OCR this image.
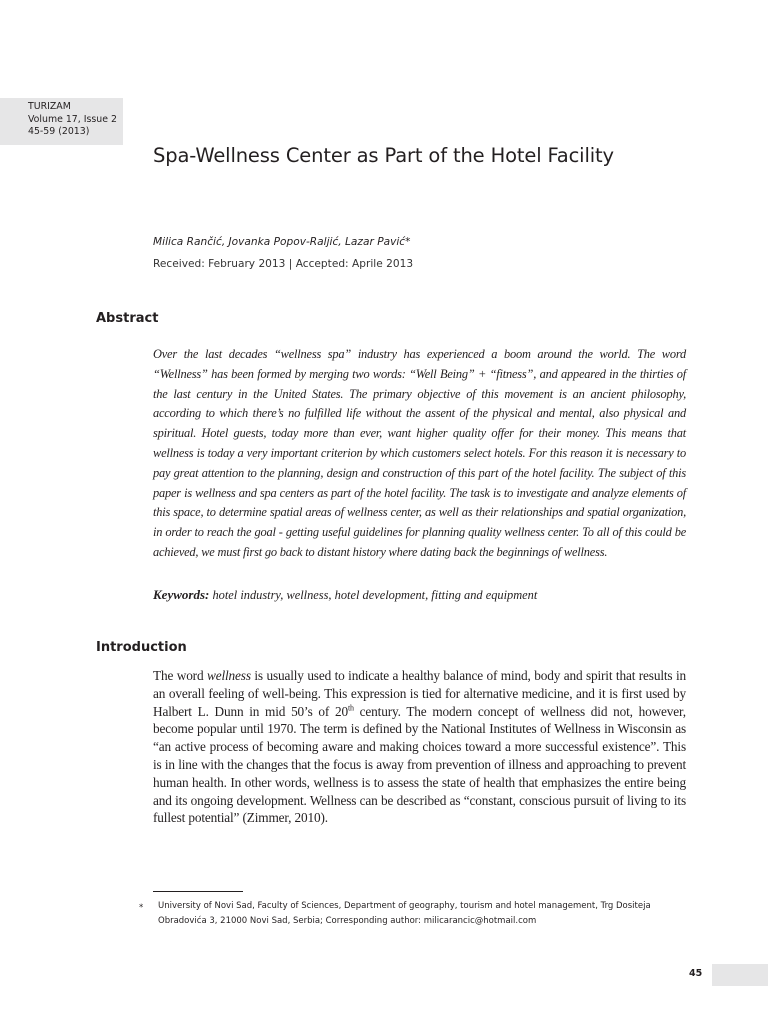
TURIZAM
Volume 17, Issue 2
45-59 (2013)
Spa-Wellness Center as Part of the Hotel Facility
Milica Rančić, Jovanka Popov-Raljić, Lazar Pavić*
Received: February 2013 | Accepted: Aprile 2013
Abstract

Over the last decades “wellness spa” industry has experienced a boom around the world. The word “Wellness” has been formed by merging two words: “Well Being” + “fitness”, and appeared in the thirties of the last century in the United States. The primary objective of this movement is an ancient philosophy, according to which there’s no fulfilled life without the assent of the physical and mental, also physical and spiritual. Hotel guests, today more than ever, want higher quality offer for their money. This means that wellness is today a very important criterion by which customers select hotels. For this reason it is necessary to pay great attention to the planning, design and construction of this part of the hotel facility. The subject of this paper is wellness and spa centers as part of the hotel facility. The task is to investigate and analyze elements of this space, to determine spatial areas of wellness center, as well as their relationships and spatial organization, in order to reach the goal - getting useful guidelines for planning quality wellness center. To all of this could be achieved, we must first go back to distant history where dating back the beginnings of wellness.

Keywords: hotel industry, wellness, hotel development, fitting and equipment

Introduction

The word wellness is usually used to indicate a healthy balance of mind, body and spirit that results in an overall feeling of well-being. This expression is tied for alternative medicine, and it is first used by Halbert L. Dunn in mid 50’s of 20th century. The modern concept of wellness did not, however, become popular until 1970. The term is defined by the National Institutes of Wellness in Wisconsin as “an active process of becoming aware and making choices toward a more successful existence”. This is in line with the changes that the focus is away from prevention of illness and approaching to prevent human health. In other words, wellness is to assess the state of health that emphasizes the entire being and its ongoing development. Wellness can be described as “constant, conscious pursuit of living to its fullest potential” (Zimmer, 2010).

* University of Novi Sad, Faculty of Sciences, Department of geography, tourism and hotel management, Trg Dositeja Obradovića 3, 21000 Novi Sad, Serbia; Corresponding author: milicarancic@hotmail.com

45
